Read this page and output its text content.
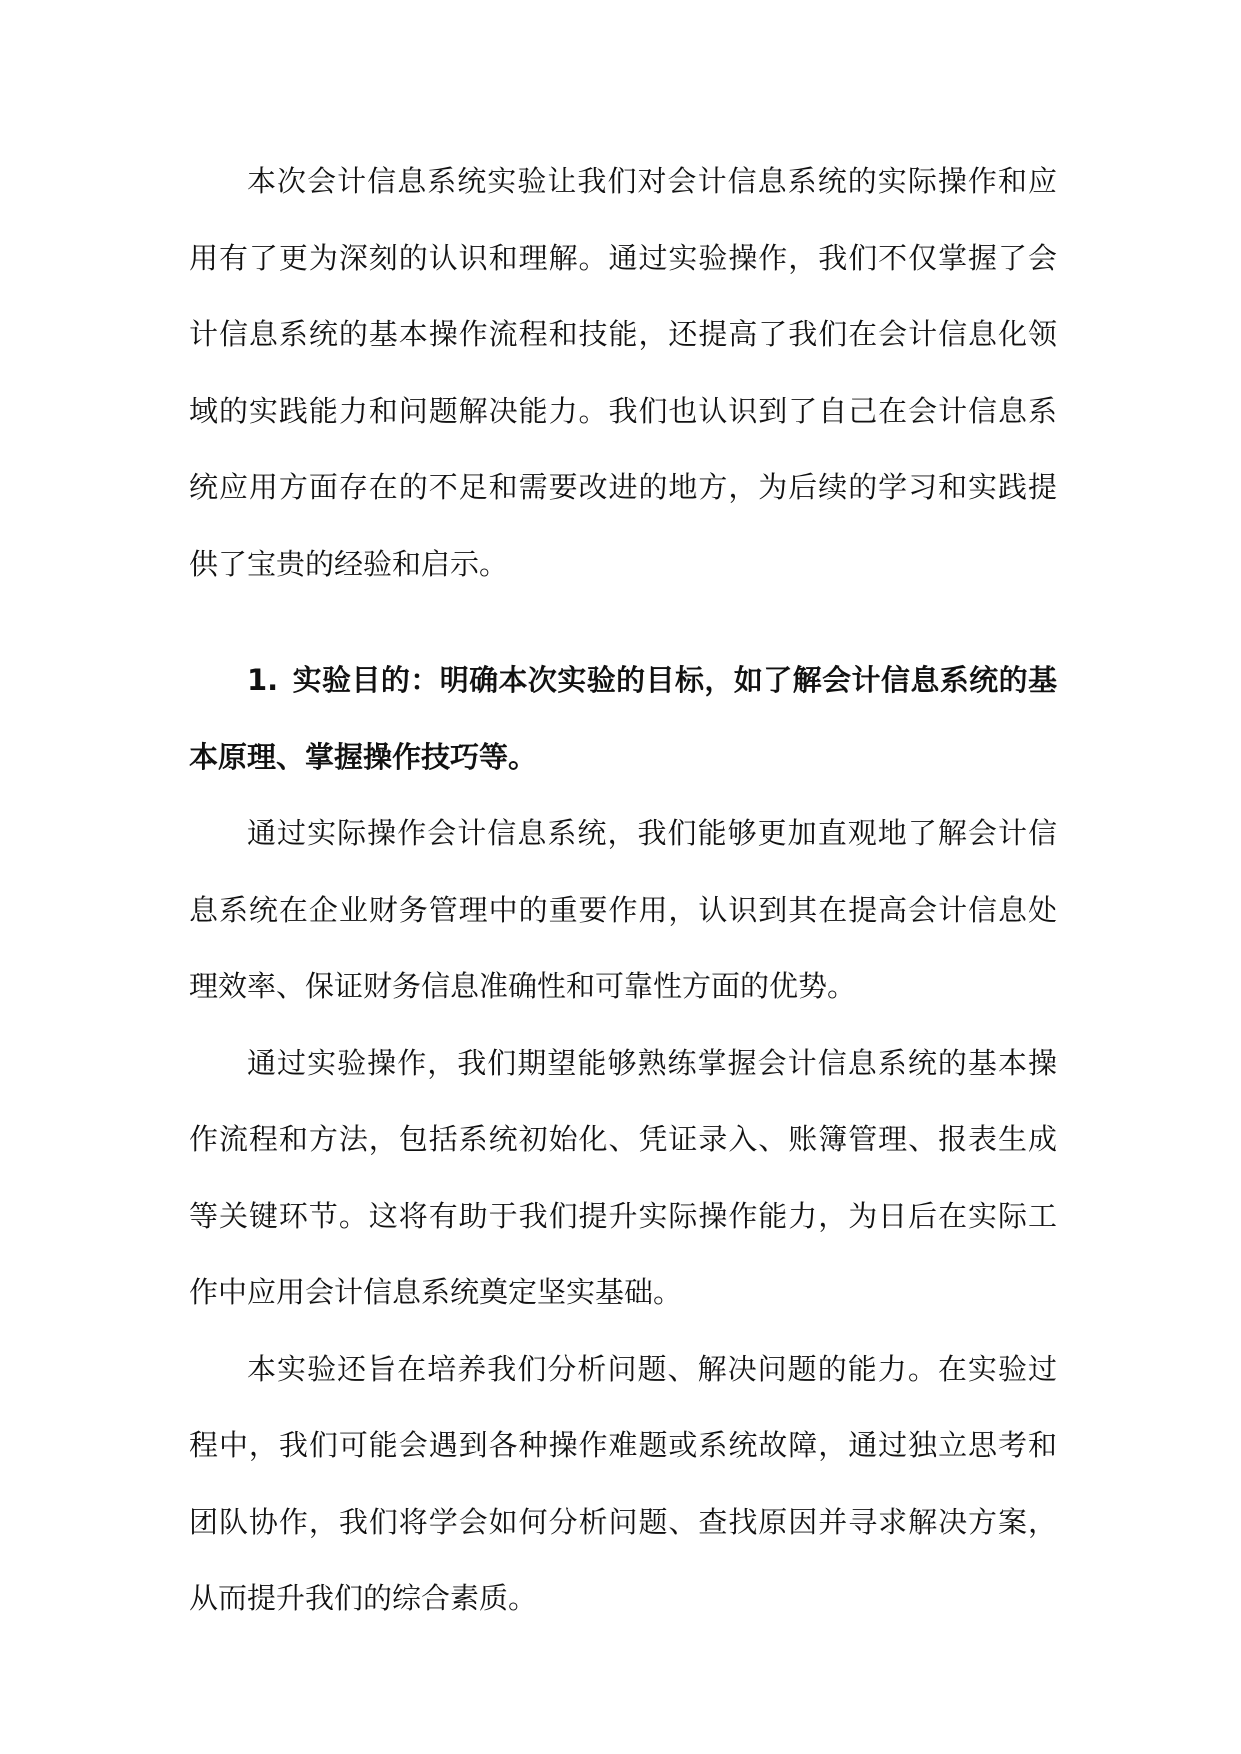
本次会计信息系统实验让我们对会计信息系统的实际操作和应用有了更为深刻的认识和理解。通过实验操作，我们不仅掌握了会计信息系统的基本操作流程和技能，还提高了我们在会计信息化领域的实践能力和问题解决能力。我们也认识到了自己在会计信息系统应用方面存在的不足和需要改进的地方，为后续的学习和实践提供了宝贵的经验和启示。

1. 实验目的：明确本次实验的目标，如了解会计信息系统的基本原理、掌握操作技巧等。

通过实际操作会计信息系统，我们能够更加直观地了解会计信息系统在企业财务管理中的重要作用，认识到其在提高会计信息处理效率、保证财务信息准确性和可靠性方面的优势。

通过实验操作，我们期望能够熟练掌握会计信息系统的基本操作流程和方法，包括系统初始化、凭证录入、账簿管理、报表生成等关键环节。这将有助于我们提升实际操作能力，为日后在实际工作中应用会计信息系统奠定坚实基础。

本实验还旨在培养我们分析问题、解决问题的能力。在实验过程中，我们可能会遇到各种操作难题或系统故障，通过独立思考和团队协作，我们将学会如何分析问题、查找原因并寻求解决方案，从而提升我们的综合素质。
